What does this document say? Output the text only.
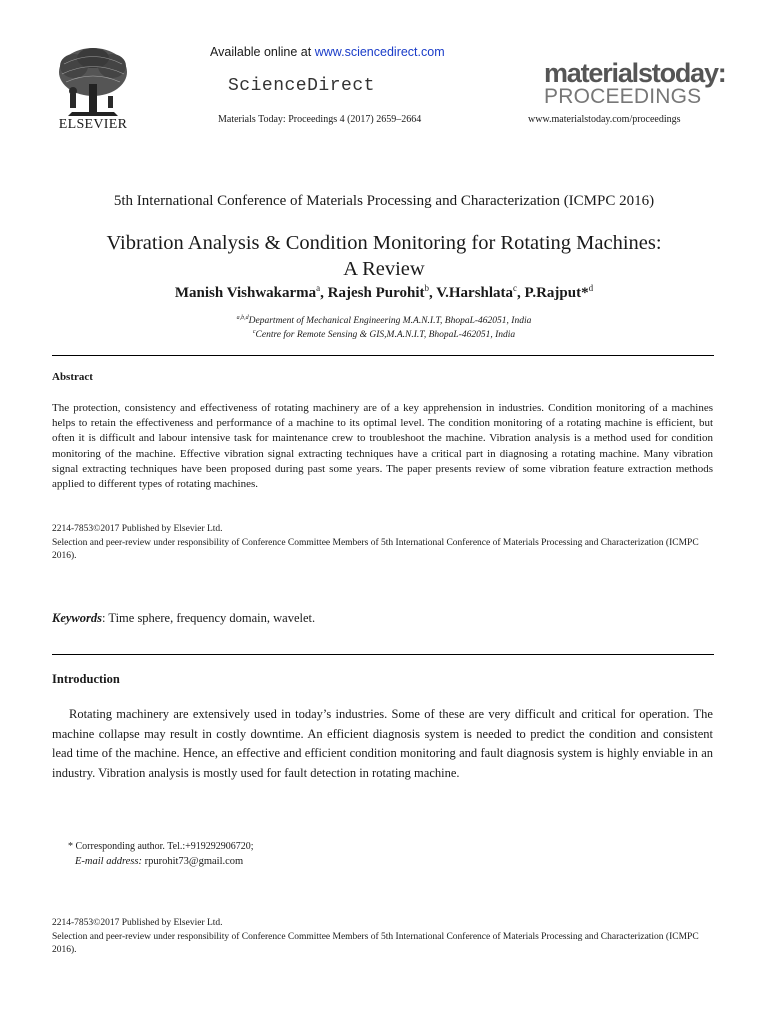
ELSEVIER
Available online at www.sciencedirect.com
ScienceDirect
Materials Today: Proceedings 4 (2017) 2659–2664
materialstoday:
PROCEEDINGS
www.materialstoday.com/proceedings
5th International Conference of Materials Processing and Characterization (ICMPC 2016)
Vibration Analysis & Condition Monitoring for Rotating Machines:
A Review
Manish Vishwakarma$^a$, Rajesh Purohit$^b$, V.Harshlata$^c$, P.Rajput*$^d$
$^{a,b,d}$Department of Mechanical Engineering M.A.N.I.T, BhopaL-462051, India
$^c$Centre for Remote Sensing & GIS,M.A.N.I.T, BhopaL-462051, India
Abstract
The protection, consistency and effectiveness of rotating machinery are of a key apprehension in industries. Condition monitoring of a machines helps to retain the effectiveness and performance of a machine to its optimal level. The condition monitoring of a rotating machine is efficient, but often it is difficult and labour intensive task for maintenance crew to troubleshoot the machine. Vibration analysis is a method used for condition monitoring of the machine. Effective vibration signal extracting techniques have a critical part in diagnosing a rotating machine. Many vibration signal extracting techniques have been proposed during past some years. The paper presents review of some vibration feature extraction methods applied to different types of rotating machines.
2214-7853©2017 Published by Elsevier Ltd.
Selection and peer-review under responsibility of Conference Committee Members of 5th International Conference of Materials Processing and Characterization (ICMPC 2016).
Keywords: Time sphere, frequency domain, wavelet.
Introduction
Rotating machinery are extensively used in today’s industries. Some of these are very difficult and critical for operation. The machine collapse may result in costly downtime. An efficient diagnosis system is needed to predict the condition and consistent lead time of the machine. Hence, an effective and efficient condition monitoring and fault diagnosis system is highly enviable in an industry. Vibration analysis is mostly used for fault detection in rotating machine.
* Corresponding author. Tel.:+919292906720;
E-mail address: rpurohit73@gmail.com
2214-7853©2017 Published by Elsevier Ltd.
Selection and peer-review under responsibility of Conference Committee Members of 5th International Conference of Materials Processing and Characterization (ICMPC 2016).
